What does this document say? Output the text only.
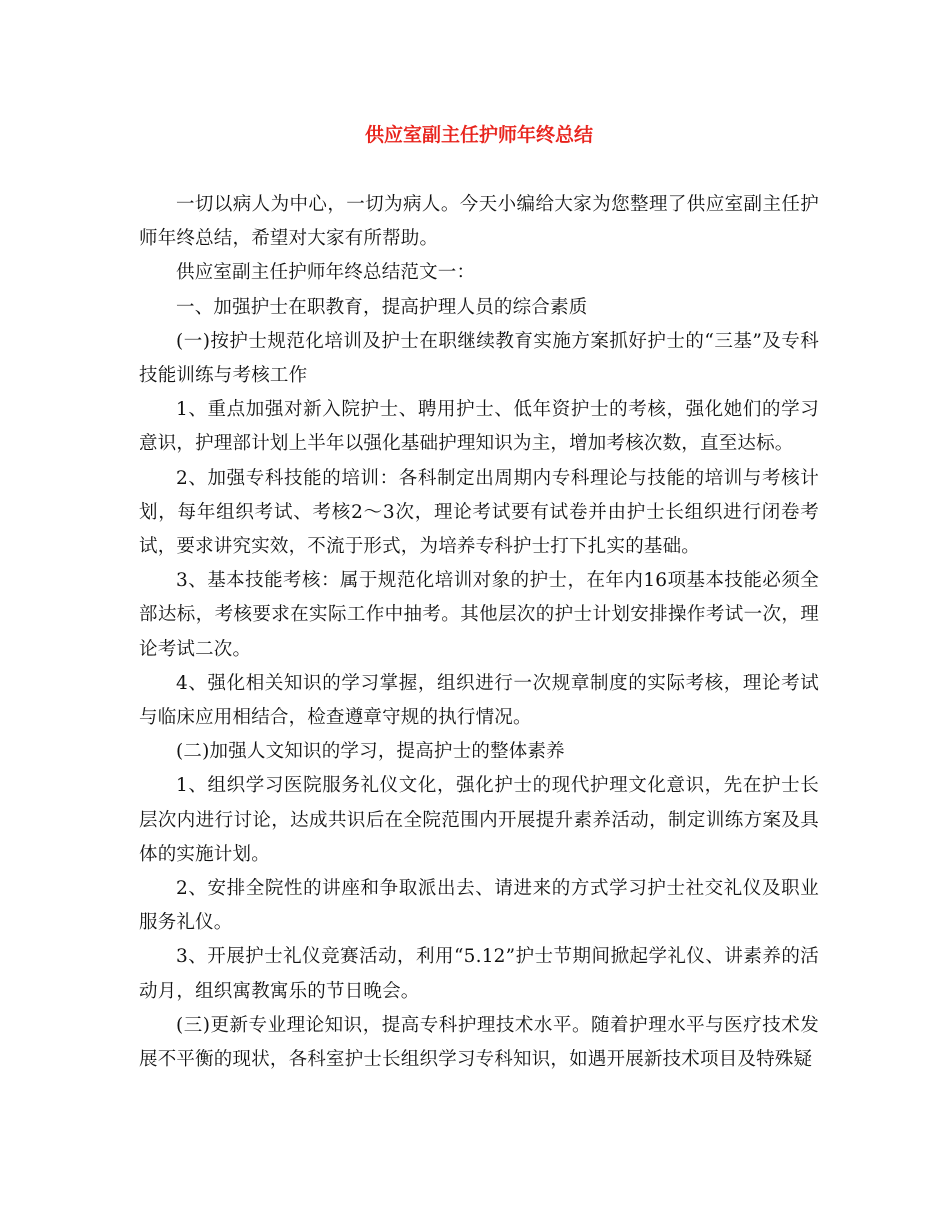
供应室副主任护师年终总结

一切以病人为中心，一切为病人。今天小编给大家为您整理了供应室副主任护师年终总结，希望对大家有所帮助。

供应室副主任护师年终总结范文一：

一、加强护士在职教育，提高护理人员的综合素质

(一)按护士规范化培训及护士在职继续教育实施方案抓好护士的“三基”及专科技能训练与考核工作

1、重点加强对新入院护士、聘用护士、低年资护士的考核，强化她们的学习意识，护理部计划上半年以强化基础护理知识为主，增加考核次数，直至达标。

2、加强专科技能的培训：各科制定出周期内专科理论与技能的培训与考核计划，每年组织考试、考核2～3次，理论考试要有试卷并由护士长组织进行闭卷考试，要求讲究实效，不流于形式，为培养专科护士打下扎实的基础。

3、基本技能考核：属于规范化培训对象的护士，在年内16项基本技能必须全部达标，考核要求在实际工作中抽考。其他层次的护士计划安排操作考试一次，理论考试二次。

4、强化相关知识的学习掌握，组织进行一次规章制度的实际考核，理论考试与临床应用相结合，检查遵章守规的执行情况。

(二)加强人文知识的学习，提高护士的整体素养

1、组织学习医院服务礼仪文化，强化护士的现代护理文化意识，先在护士长层次内进行讨论，达成共识后在全院范围内开展提升素养活动，制定训练方案及具体的实施计划。

2、安排全院性的讲座和争取派出去、请进来的方式学习护士社交礼仪及职业服务礼仪。

3、开展护士礼仪竞赛活动，利用“5.12”护士节期间掀起学礼仪、讲素养的活动月，组织寓教寓乐的节日晚会。

(三)更新专业理论知识，提高专科护理技术水平。随着护理水平与医疗技术发展不平衡的现状，各科室护士长组织学习专科知识，如遇开展新技术项目及特殊疑
